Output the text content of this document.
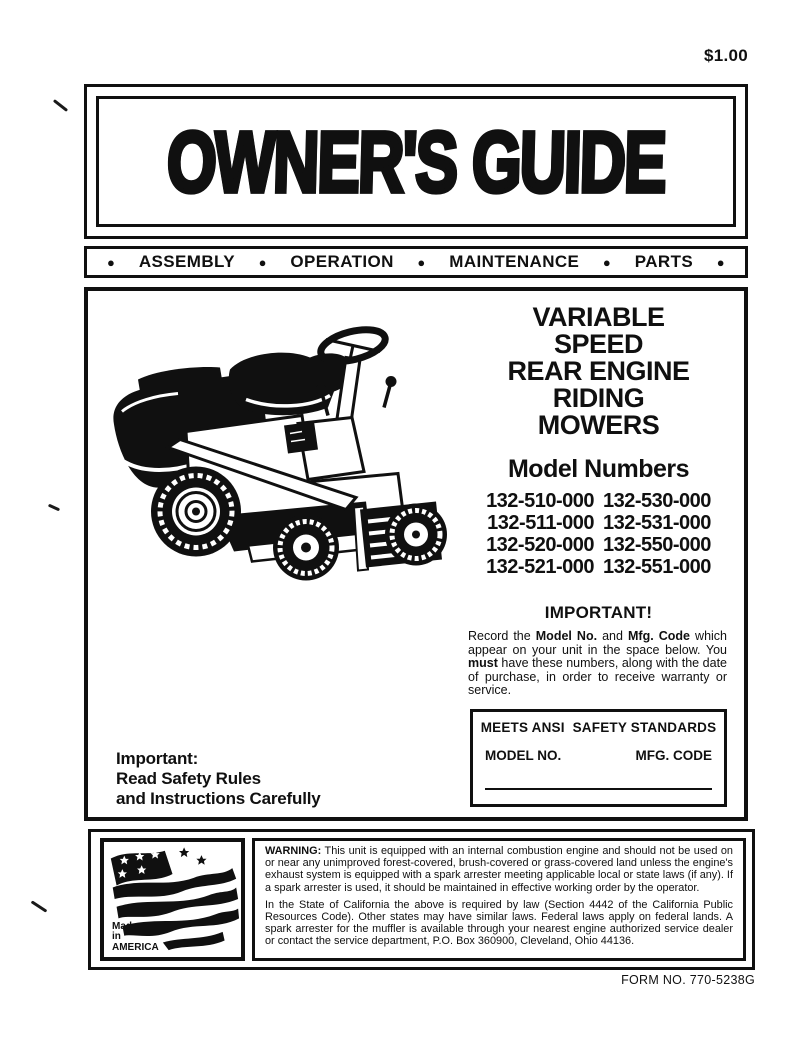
$1.00
OWNER'S GUIDE
● ASSEMBLY ● OPERATION ● MAINTENANCE ● PARTS ●
VARIABLE
SPEED
REAR ENGINE
RIDING
MOWERS
Model Numbers
132-510-000 132-530-000
132-511-000 132-531-000
132-520-000 132-550-000
132-521-000 132-551-000
IMPORTANT!
Record the Model No. and Mfg. Code which appear on your unit in the space below. You must have these numbers, along with the date of purchase, in order to receive warranty or service.
MEETS ANSI  SAFETY STANDARDS
MODEL NO.	MFG. CODE
Important:
Read Safety Rules
and Instructions Carefully
Made
in
AMERICA
WARNING: This unit is equipped with an internal combustion engine and should not be used on or near any unimproved forest-covered, brush-covered or grass-covered land unless the engine's exhaust system is equipped with a spark arrester meeting applicable local or state laws (if any). If a spark arrester is used, it should be maintained in effective working order by the operator.
In the State of California the above is required by law (Section 4442 of the California Public Resources Code). Other states may have similar laws. Federal laws apply on federal lands. A spark arrester for the muffler is available through your nearest engine authorized service dealer or contact the service department, P.O. Box 360900, Cleveland, Ohio 44136.
FORM NO. 770-5238G
